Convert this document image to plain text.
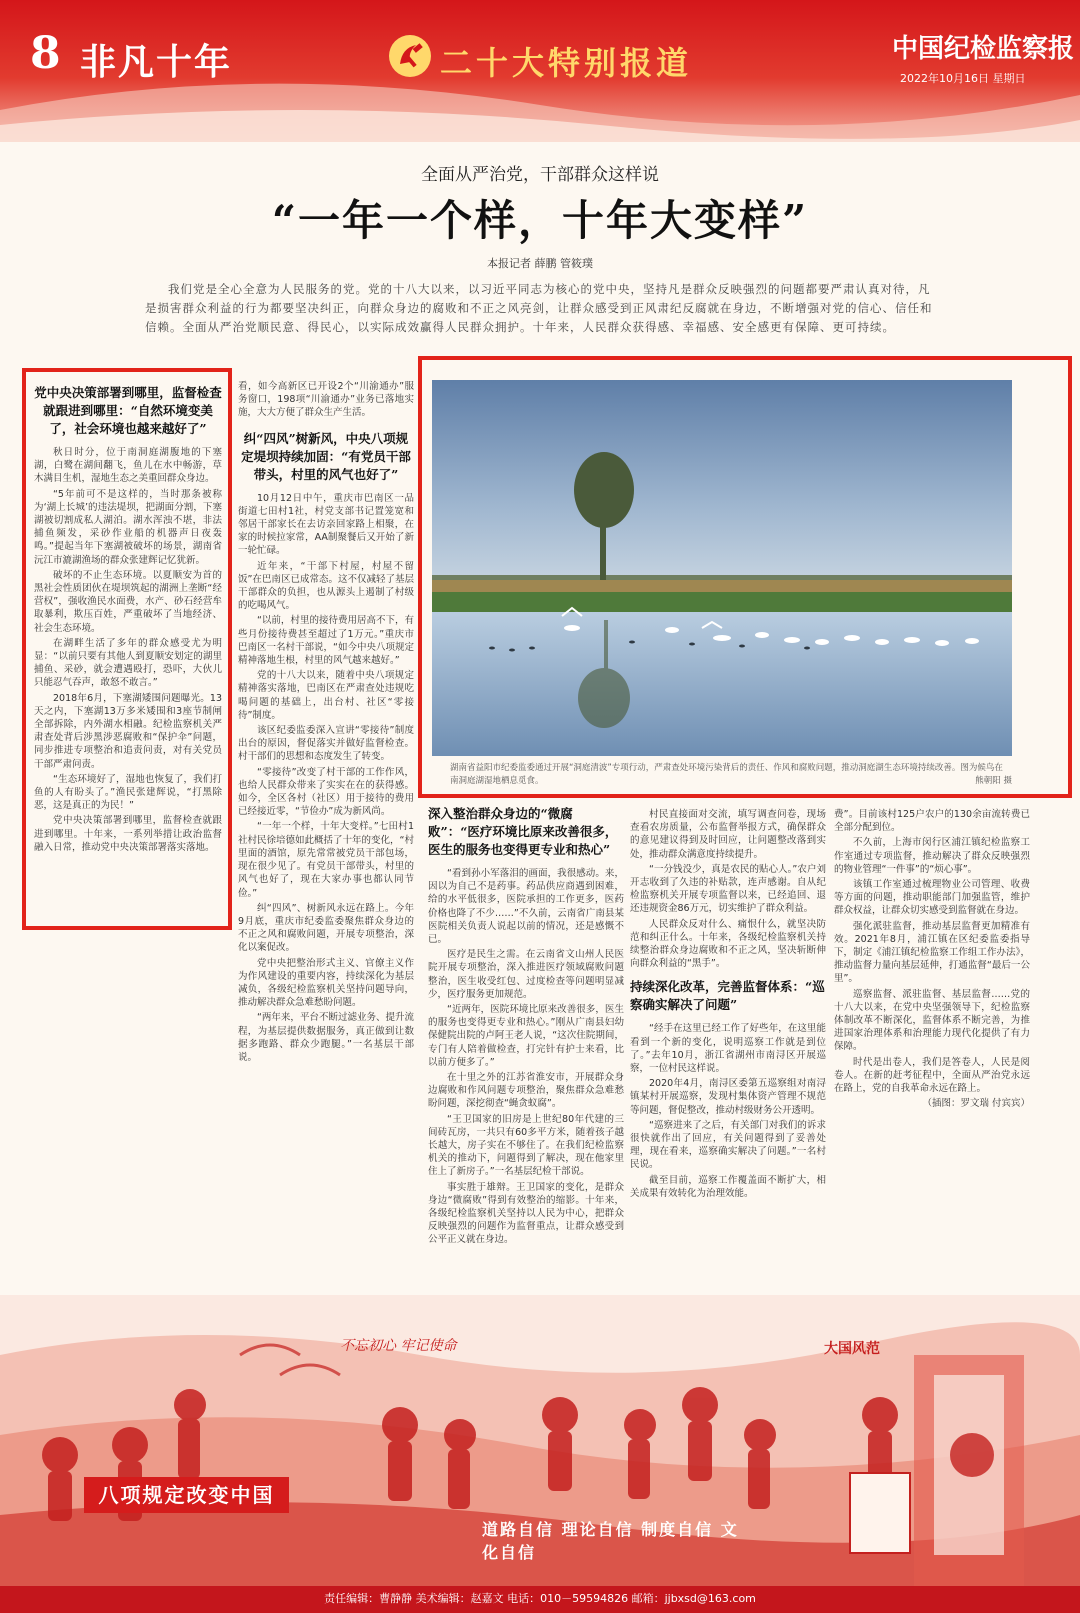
8 非凡十年	二十大特别报道	中国纪检监察报
2022年10月16日 星期日
全面从严治党，干部群众这样说
“一年一个样，十年大变样”
本报记者 薛鹏 管筱璞
我们党是全心全意为人民服务的党。党的十八大以来，以习近平同志为核心的党中央，坚持凡是群众反映强烈的问题都要严肃认真对待，凡是损害群众利益的行为都要坚决纠正，向群众身边的腐败和不正之风亮剑，让群众感受到正风肃纪反腐就在身边，不断增强对党的信心、信任和信赖。全面从严治党顺民意、得民心，以实际成效赢得人民群众拥护。十年来，人民群众获得感、幸福感、安全感更有保障、更可持续。
党中央决策部署到哪里，监督检查就跟进到哪里：“自然环境变美了，社会环境也越来越好了”

秋日时分，位于南洞庭湖腹地的下塞湖，白鹭在湖间翻飞，鱼儿在水中畅游，草木满目生机，湿地生态之美重回群众身边。

“5年前可不是这样的，当时那条被称为‘湖上长城’的违法堤坝，把湖面分割，下塞湖被切割成私人湖泊。湖水浑浊不堪，非法捕鱼频发，采砂作业船的机器声日夜轰鸣。”提起当年下塞湖被破坏的场景，湖南省沅江市漉湖渔场的群众张建辉记忆犹新。

破坏的不止生态环境。以夏顺安为首的黑社会性质团伙在堤坝筑起的湖洲上垄断“经营权”，强收渔民水面费，水产、砂石经营牟取暴利，欺压百姓，严重破坏了当地经济、社会生态环境。

在湖畔生活了多年的群众感受尤为明显：“以前只要有其他人到夏顺安划定的湖里捕鱼、采砂，就会遭遇殴打，恐吓，大伙儿只能忍气吞声，敢怒不敢言。”

2018年6月，下塞湖矮围问题曝光。13天之内，下塞湖13万多米矮围和3座节制闸全部拆除，内外湖水相融。纪检监察机关严肃查处背后涉黑涉恶腐败和“保护伞”问题，同步推进专项整治和追责问责，对有关党员干部严肃问责。

“生态环境好了，湿地也恢复了，我们打鱼的人有盼头了。”渔民张建辉说，“打黑除恶，这是真正的为民！”

党中央决策部署到哪里，监督检查就跟进到哪里。十年来，一系列举措让政治监督融入日常，推动党中央决策部署落实落地。

看，如今高新区已开设2个“川渝通办”服务窗口，198项“川渝通办”业务已落地实施，大大方便了群众生产生活。

纠“四风”树新风，中央八项规定堤坝持续加固：“有党员干部带头，村里的风气也好了”

10月12日中午，重庆市巴南区一品街道七田村1社，村党支部书记置笼宽和邻居干部家长在去访亲回家路上相聚，在家的时候拉家常，AA制聚餐后又开始了新一轮忙碌。

近年来，“干部下村屋，村屋不留饭”在巴南区已成常态。这不仅减轻了基层干部群众的负担，也从源头上遏制了村级的吃喝风气。

“以前，村里的接待费用居高不下，有些月份接待费甚至超过了1万元。”重庆市巴南区一名村干部说，“如今中央八项规定精神落地生根，村里的风气越来越好。”

党的十八大以来，随着中央八项规定精神落实落地，巴南区在严肃查处违规吃喝问题的基础上，出台村、社区“零接待”制度。

该区纪委监委深入宣讲“零接待”制度出台的原因，督促落实并做好监督检查。村干部们的思想和态度发生了转变。

“零接待”改变了村干部的工作作风，也给人民群众带来了实实在在的获得感。如今，全区各村（社区）用于接待的费用已经接近零，“节俭办”成为新风尚。

“一年一个样，十年大变样。”七田村1社村民徐培德如此概括了十年的变化，“村里面的酒馆，原先常常被党员干部包场，现在很少见了。有党员干部带头，村里的风气也好了，现在大家办事也都认同节俭。”

纠“四风”、树新风永远在路上。今年9月底，重庆市纪委监委聚焦群众身边的不正之风和腐败问题，开展专项整治，深化以案促改。

党中央把整治形式主义、官僚主义作为作风建设的重要内容，持续深化为基层减负，各级纪检监察机关坚持问题导向，推动解决群众急难愁盼问题。

“两年来，平台不断过滤业务、提升流程，为基层提供数据服务，真正做到让数据多跑路、群众少跑腿。”一名基层干部说。

湖南省益阳市纪委监委通过开展“洞庭清波”专项行动，严肃查处环境污染背后的责任、作风和腐败问题，推动洞庭湖生态环境持续改善。图为候鸟在南洞庭湖湿地栖息觅食。	熊朝阳 摄
深入整治群众身边的“微腐败”：“医疗环境比原来改善很多，医生的服务也变得更专业和热心”

“看到孙小军落泪的画面，我很感动。来，因以为自己不是药事。药品供应商遇到困难，给的水平低很多，医院承担的工作更多，医药价格也降了不少……”不久前，云南省广南县某医院相关负责人说起以前的情况，还是感慨不已。

医疗是民生之需。在云南省文山州人民医院开展专项整治，深入推进医疗领域腐败问题整治，医生收受红包、过度检查等问题明显减少，医疗服务更加规范。

“近两年，医院环境比原来改善很多，医生的服务也变得更专业和热心。”刚从广南县妇幼保健院出院的卢阿王老人说，“这次住院期间，专门有人陪着做检查，打完针有护士来看，比以前方便多了。”

在十里之外的江苏省淮安市，开展群众身边腐败和作风问题专项整治，聚焦群众急难愁盼问题，深挖彻查“蝇贪蚁腐”。

“王卫国家的旧房是上世纪80年代建的三间砖瓦房，一共只有60多平方米，随着孩子越长越大，房子实在不够住了。在我们纪检监察机关的推动下，问题得到了解决，现在他家里住上了新房子。”一名基层纪检干部说。

事实胜于雄辩。王卫国家的变化，是群众身边“微腐败”得到有效整治的缩影。十年来，各级纪检监察机关坚持以人民为中心，把群众反映强烈的问题作为监督重点，让群众感受到公平正义就在身边。

村民直接面对交流，填写调查问卷，现场查看农房质量，公布监督举报方式，确保群众的意见建议得到及时回应，让问题整改落到实处，推动群众满意度持续提升。

“一分钱没少，真是农民的贴心人。”农户刘开志收到了久违的补贴款，连声感谢。自从纪检监察机关开展专项监督以来，已经追回、退还违规资金86万元，切实维护了群众利益。

人民群众反对什么、痛恨什么，就坚决防范和纠正什么。十年来，各级纪检监察机关持续整治群众身边腐败和不正之风，坚决斩断伸向群众利益的“黑手”。

持续深化改革，完善监督体系：“巡察确实解决了问题”

“经手在这里已经工作了好些年，在这里能看到一个新的变化，说明巡察工作就是到位了。”去年10月，浙江省湖州市南浔区开展巡察，一位村民这样说。

2020年4月，南浔区委第五巡察组对南浔镇某村开展巡察，发现村集体资产管理不规范等问题，督促整改，推动村级财务公开透明。

“巡察进来了之后，有关部门对我们的诉求很快就作出了回应，有关问题得到了妥善处理，现在看来，巡察确实解决了问题。”一名村民说。

截至目前，巡察工作覆盖面不断扩大，相关成果有效转化为治理效能。

费”。目前该村125户农户的130余亩流转费已全部分配到位。

不久前，上海市闵行区浦江镇纪检监察工作室通过专项监督，推动解决了群众反映强烈的物业管理“一件事”的“烦心事”。

该镇工作室通过梳理物业公司管理、收费等方面的问题，推动职能部门加强监管，维护群众权益，让群众切实感受到监督就在身边。

强化派驻监督，推动基层监督更加精准有效。2021年8月，浦江镇在区纪委监委指导下，制定《浦江镇纪检监察工作组工作办法》，推动监督力量向基层延伸，打通监督“最后一公里”。

巡察监督、派驻监督、基层监督……党的十八大以来，在党中央坚强领导下，纪检监察体制改革不断深化，监督体系不断完善，为推进国家治理体系和治理能力现代化提供了有力保障。

时代是出卷人，我们是答卷人，人民是阅卷人。在新的赶考征程中，全面从严治党永远在路上，党的自我革命永远在路上。

（插图：罗文瑞 付宾宾）

不忘初心 牢记使命	大国风范
八项规定改变中国
道路自信 理论自信 制度自信 文化自信
责任编辑：曹静静 美术编辑：赵嘉文 电话：010－59594826 邮箱：jjbxsd@163.com
